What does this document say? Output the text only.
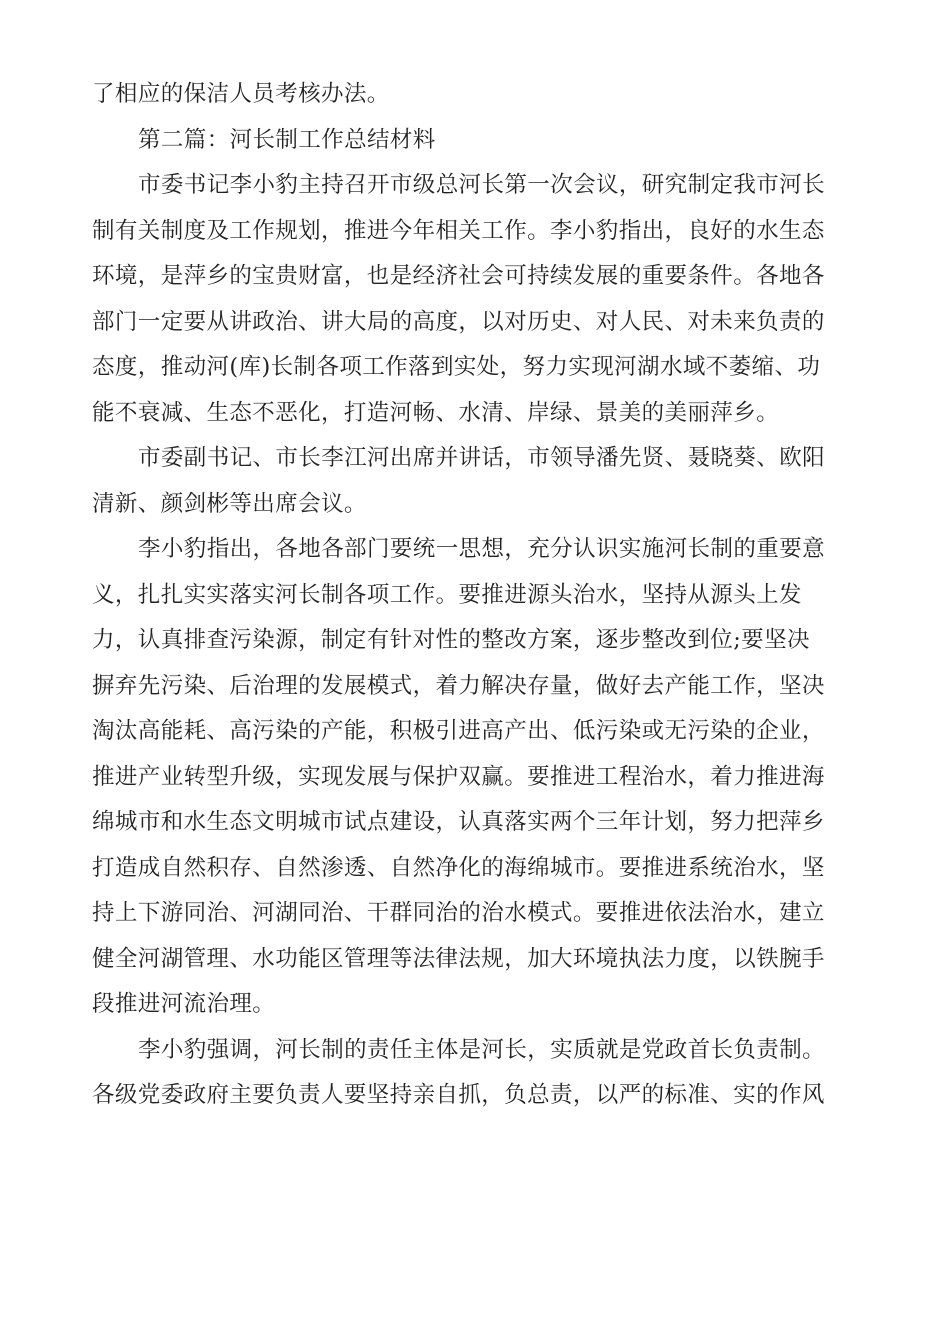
了相应的保洁人员考核办法。

第二篇：河长制工作总结材料

市委书记李小豹主持召开市级总河长第一次会议，研究制定我市河长
制有关制度及工作规划，推进今年相关工作。李小豹指出，良好的水生态
环境，是萍乡的宝贵财富，也是经济社会可持续发展的重要条件。各地各
部门一定要从讲政治、讲大局的高度，以对历史、对人民、对未来负责的
态度，推动河(库)长制各项工作落到实处，努力实现河湖水域不萎缩、功
能不衰减、生态不恶化，打造河畅、水清、岸绿、景美的美丽萍乡。

市委副书记、市长李江河出席并讲话，市领导潘先贤、聂晓葵、欧阳
清新、颜剑彬等出席会议。

李小豹指出，各地各部门要统一思想，充分认识实施河长制的重要意
义，扎扎实实落实河长制各项工作。要推进源头治水，坚持从源头上发
力，认真排查污染源，制定有针对性的整改方案，逐步整改到位;要坚决
摒弃先污染、后治理的发展模式，着力解决存量，做好去产能工作，坚决
淘汰高能耗、高污染的产能，积极引进高产出、低污染或无污染的企业，
推进产业转型升级，实现发展与保护双赢。要推进工程治水，着力推进海
绵城市和水生态文明城市试点建设，认真落实两个三年计划，努力把萍乡
打造成自然积存、自然渗透、自然净化的海绵城市。要推进系统治水，坚
持上下游同治、河湖同治、干群同治的治水模式。要推进依法治水，建立
健全河湖管理、水功能区管理等法律法规，加大环境执法力度，以铁腕手
段推进河流治理。

李小豹强调，河长制的责任主体是河长，实质就是党政首长负责制。
各级党委政府主要负责人要坚持亲自抓，负总责，以严的标准、实的作风
